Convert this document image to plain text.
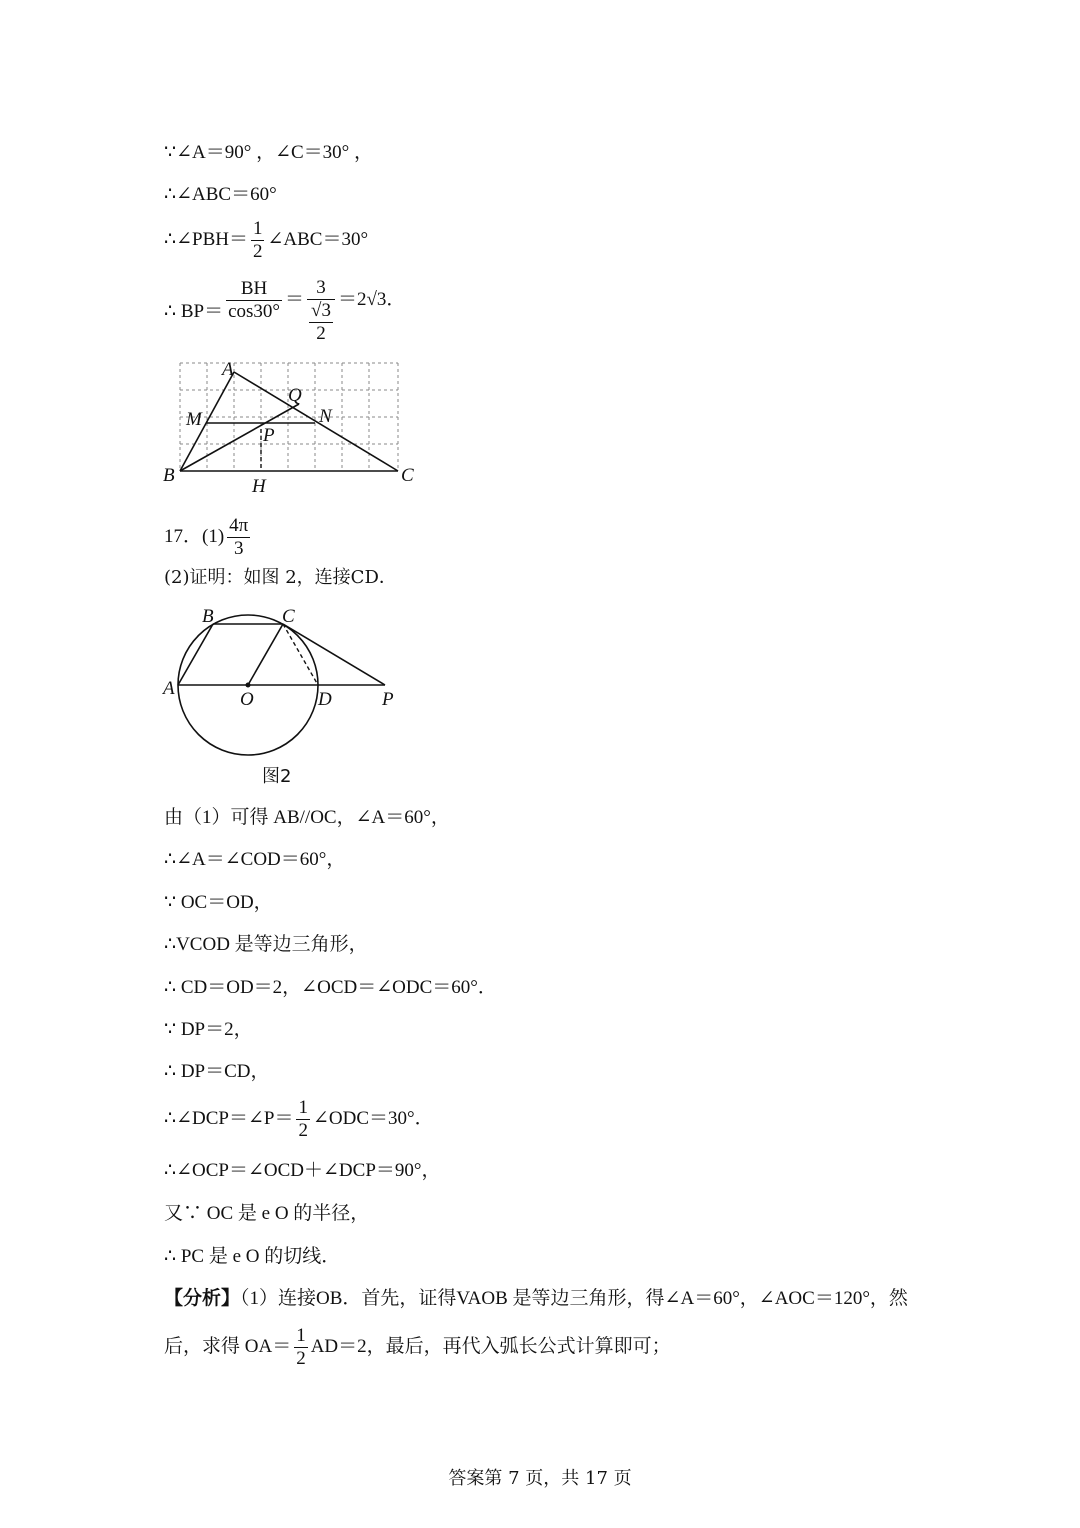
∵∠A＝90° ，∠C＝30° ，
∴∠ABC＝60°
∴∠PBH＝ $\frac{1}{2}$ ∠ABC＝30°
∴ $BP= \frac{BH}{\cos 30^\circ} = \frac{3}{\frac{√3}{2}} =2√3$．
A
Q
M	N
P
B	C
H
17．$(1) \frac{4\pi}{3}$
(2)证明：如图 2，连接CD．
B	C
A
O	D	P
图2
由（1）可得 AB//OC，∠A＝60°，
∴∠A＝∠COD＝60°，
∵ OC＝OD，
∴VCOD 是等边三角形，
∴ CD＝OD＝2，∠OCD＝∠ODC＝60°．
∵ DP＝2，
∴ DP＝CD，
∴∠DCP＝∠P＝ $\frac{1}{2}$ ∠ODC＝30°．
∴∠OCP＝∠OCD＋∠DCP＝90°，
又∵ OC 是 e O 的半径，
∴ PC 是 e O 的切线．
【分析】（1）连接OB．首先，证得VAOB 是等边三角形，得∠A＝60°，∠AOC＝120°，然
后，求得 $OA= \frac{1}{2} AD=2$，最后，再代入弧长公式计算即可；
答案第 7 页，共 17 页
